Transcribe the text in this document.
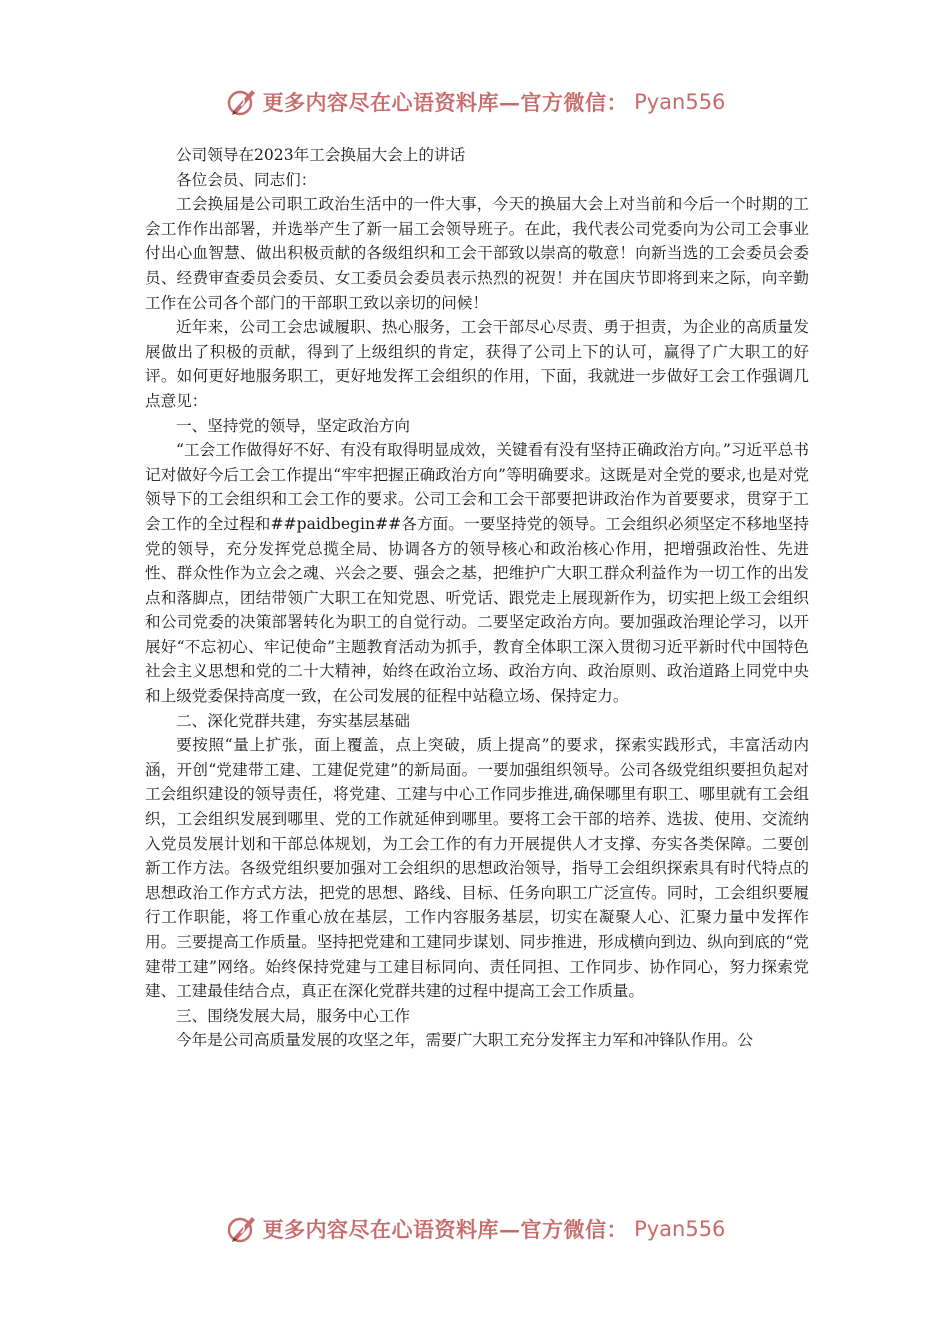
更多内容尽在心语资料库—官方微信： Pyan556

公司领导在2023年工会换届大会上的讲话

各位会员、同志们：

工会换届是公司职工政治生活中的一件大事，今天的换届大会上对当前和今后一个时期的工会工作作出部署，并选举产生了新一届工会领导班子。在此，我代表公司党委向为公司工会事业付出心血智慧、做出积极贡献的各级组织和工会干部致以崇高的敬意！向新当选的工会委员会委员、经费审查委员会委员、女工委员会委员表示热烈的祝贺！并在国庆节即将到来之际，向辛勤工作在公司各个部门的干部职工致以亲切的问候！

近年来，公司工会忠诚履职、热心服务，工会干部尽心尽责、勇于担责，为企业的高质量发展做出了积极的贡献，得到了上级组织的肯定，获得了公司上下的认可，赢得了广大职工的好评。如何更好地服务职工，更好地发挥工会组织的作用，下面，我就进一步做好工会工作强调几点意见：

一、坚持党的领导，坚定政治方向

“工会工作做得好不好、有没有取得明显成效，关键看有没有坚持正确政治方向。”习近平总书记对做好今后工会工作提出“牢牢把握正确政治方向”等明确要求。这既是对全党的要求,也是对党领导下的工会组织和工会工作的要求。公司工会和工会干部要把讲政治作为首要要求，贯穿于工会工作的全过程和##paidbegin##各方面。一要坚持党的领导。工会组织必须坚定不移地坚持党的领导，充分发挥党总揽全局、协调各方的领导核心和政治核心作用，把增强政治性、先进性、群众性作为立会之魂、兴会之要、强会之基，把维护广大职工群众利益作为一切工作的出发点和落脚点，团结带领广大职工在知党恩、听党话、跟党走上展现新作为，切实把上级工会组织和公司党委的决策部署转化为职工的自觉行动。二要坚定政治方向。要加强政治理论学习，以开展好“不忘初心、牢记使命”主题教育活动为抓手，教育全体职工深入贯彻习近平新时代中国特色社会主义思想和党的二十大精神，始终在政治立场、政治方向、政治原则、政治道路上同党中央和上级党委保持高度一致，在公司发展的征程中站稳立场、保持定力。

二、深化党群共建，夯实基层基础

要按照“量上扩张，面上覆盖，点上突破，质上提高”的要求，探索实践形式，丰富活动内涵，开创“党建带工建、工建促党建”的新局面。一要加强组织领导。公司各级党组织要担负起对工会组织建设的领导责任，将党建、工建与中心工作同步推进,确保哪里有职工、哪里就有工会组织，工会组织发展到哪里、党的工作就延伸到哪里。要将工会干部的培养、选拔、使用、交流纳入党员发展计划和干部总体规划，为工会工作的有力开展提供人才支撑、夯实各类保障。二要创新工作方法。各级党组织要加强对工会组织的思想政治领导，指导工会组织探索具有时代特点的思想政治工作方式方法，把党的思想、路线、目标、任务向职工广泛宣传。同时，工会组织要履行工作职能，将工作重心放在基层，工作内容服务基层，切实在凝聚人心、汇聚力量中发挥作用。三要提高工作质量。坚持把党建和工建同步谋划、同步推进，形成横向到边、纵向到底的“党建带工建”网络。始终保持党建与工建目标同向、责任同担、工作同步、协作同心，努力探索党建、工建最佳结合点，真正在深化党群共建的过程中提高工会工作质量。

三、围绕发展大局，服务中心工作

今年是公司高质量发展的攻坚之年，需要广大职工充分发挥主力军和冲锋队作用。公

更多内容尽在心语资料库—官方微信： Pyan556
